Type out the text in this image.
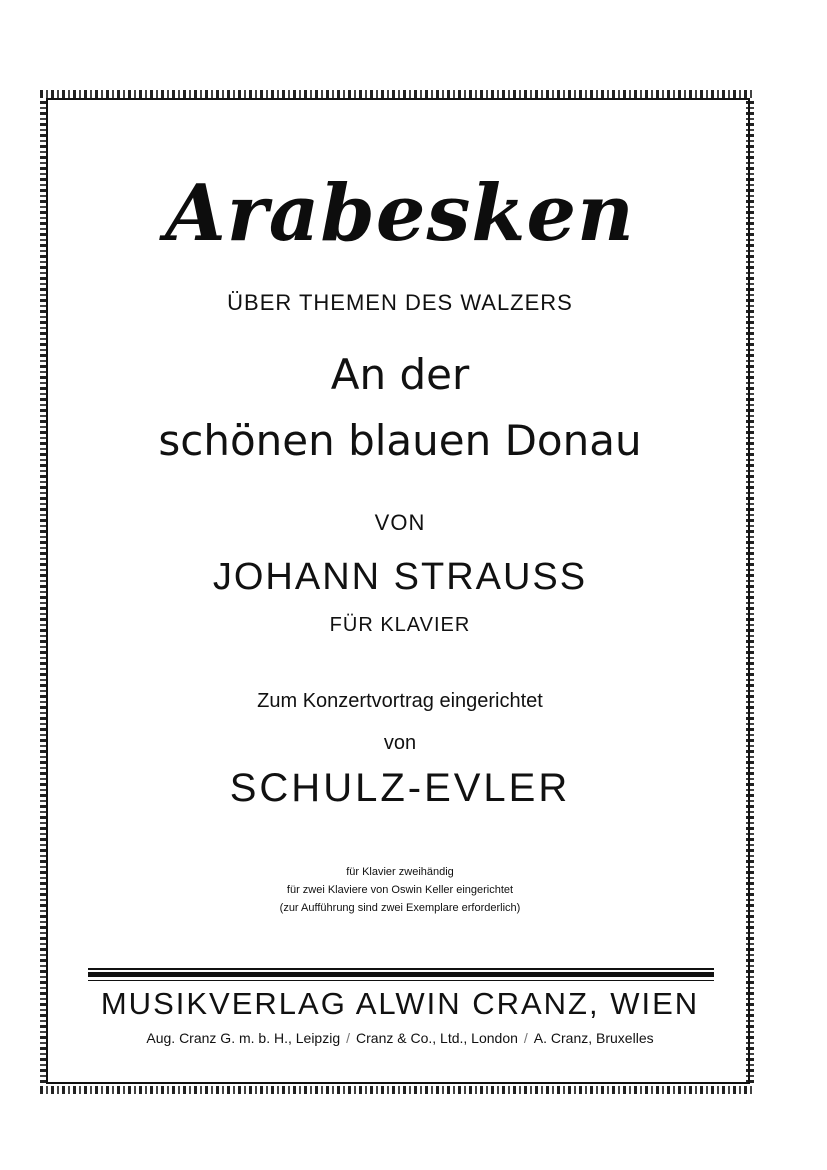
Arabesken
ÜBER THEMEN DES WALZERS
An der
schönen blauen Donau
VON
JOHANN STRAUSS
FÜR KLAVIER
Zum Konzertvortrag eingerichtet
von
SCHULZ-EVLER
für Klavier zweihändig
für zwei Klaviere von Oswin Keller eingerichtet
(zur Aufführung sind zwei Exemplare erforderlich)
MUSIKVERLAG ALWIN CRANZ, WIEN
Aug. Cranz G. m. b. H., Leipzig / Cranz & Co., Ltd., London / A. Cranz, Bruxelles
